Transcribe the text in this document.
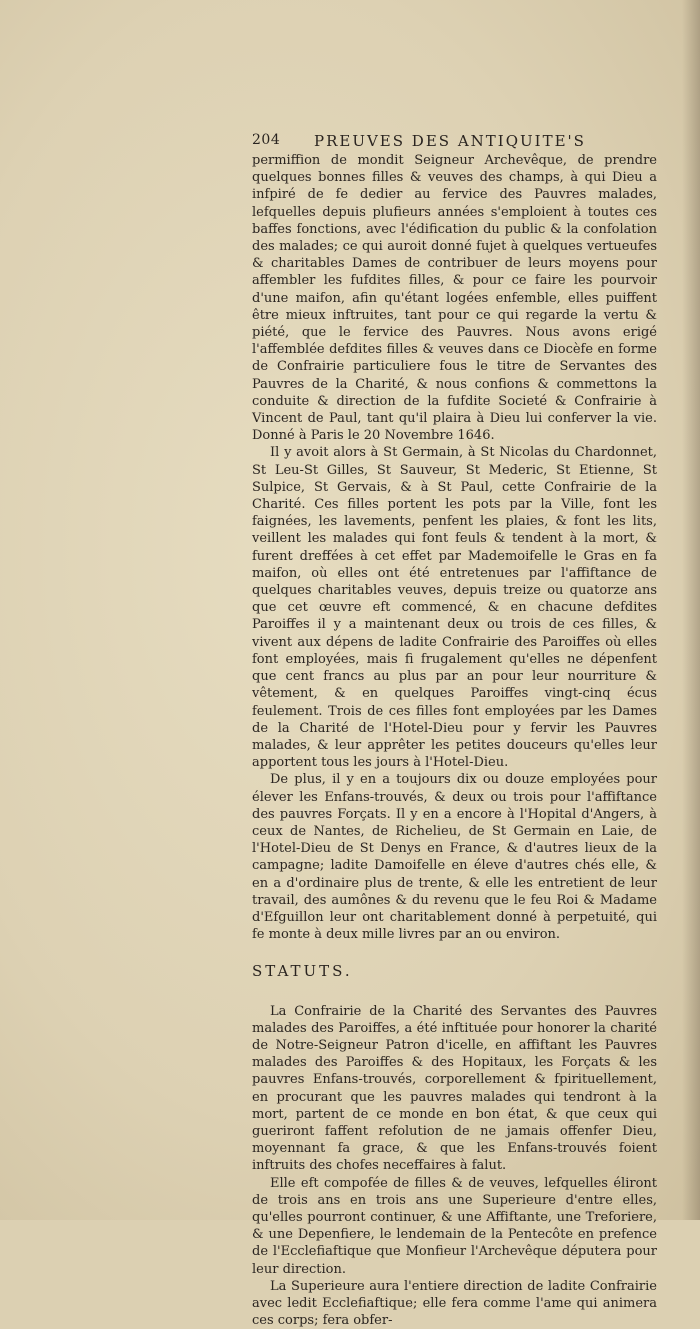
204 PREUVES DES ANTIQUITE'S

permiffion de mondit Seigneur Archevêque, de prendre quelques bonnes filles & veuves des champs, à qui Dieu a infpiré de fe dedier au fervice des Pauvres malades, lefquelles depuis plufieurs années s'emploient à toutes ces baffes fonctions, avec l'édification du public & la confolation des malades; ce qui auroit donné fujet à quelques vertueufes & charitables Dames de contribuer de leurs moyens pour affembler les fufdites filles, & pour ce faire les pourvoir d'une maifon, afin qu'étant logées enfemble, elles puiffent être mieux inftruites, tant pour ce qui regarde la vertu & piété, que le fervice des Pauvres. Nous avons erigé l'affemblée defdites filles & veuves dans ce Diocèfe en forme de Confrairie particuliere fous le titre de Servantes des Pauvres de la Charité, & nous confions & commettons la conduite & direction de la fufdite Societé & Confrairie à Vincent de Paul, tant qu'il plaira à Dieu lui conferver la vie. Donné à Paris le 20 Novembre 1646.

Il y avoit alors à St Germain, à St Nicolas du Chardonnet, St Leu-St Gilles, St Sauveur, St Mederic, St Etienne, St Sulpice, St Gervais, & à St Paul, cette Confrairie de la Charité. Ces filles portent les pots par la Ville, font les faignées, les lavements, penfent les plaies, & font les lits, veillent les malades qui font feuls & tendent à la mort, & furent dreffées à cet effet par Mademoifelle le Gras en fa maifon, où elles ont été entretenues par l'affiftance de quelques charitables veuves, depuis treize ou quatorze ans que cet œuvre eft commencé, & en chacune defdites Paroiffes il y a maintenant deux ou trois de ces filles, & vivent aux dépens de ladite Confrairie des Paroiffes où elles font employées, mais fi frugalement qu'elles ne dépenfent que cent francs au plus par an pour leur nourriture & vêtement, & en quelques Paroiffes vingt-cinq écus feulement. Trois de ces filles font employées par les Dames de la Charité de l'Hotel-Dieu pour y fervir les Pauvres malades, & leur apprêter les petites douceurs qu'elles leur apportent tous les jours à l'Hotel-Dieu.

De plus, il y en a toujours dix ou douze employées pour élever les Enfans-trouvés, & deux ou trois pour l'affiftance des pauvres Forçats. Il y en a encore à l'Hopital d'Angers, à ceux de Nantes, de Richelieu, de St Germain en Laie, de l'Hotel-Dieu de St Denys en France, & d'autres lieux de la campagne; ladite Damoifelle en éleve d'autres chés elle, & en a d'ordinaire plus de trente, & elle les entretient de leur travail, des aumônes & du revenu que le feu Roi & Madame d'Efguillon leur ont charitablement donné à perpetuité, qui fe monte à deux mille livres par an ou environ.

STATUTS.

La Confrairie de la Charité des Servantes des Pauvres malades des Paroiffes, a été inftituée pour honorer la charité de Notre-Seigneur Patron d'icelle, en affiftant les Pauvres malades des Paroiffes & des Hopitaux, les Forçats & les pauvres Enfans-trouvés, corporellement & fpirituellement, en procurant que les pauvres malades qui tendront à la mort, partent de ce monde en bon état, & que ceux qui gueriront faffent refolution de ne jamais offenfer Dieu, moyennant fa grace, & que les Enfans-trouvés foient inftruits des chofes neceffaires à falut.

Elle eft compofée de filles & de veuves, lefquelles éliront de trois ans en trois ans une Superieure d'entre elles, qu'elles pourront continuer, & une Affiftante, une Treforiere, & une Depenfiere, le lendemain de la Pentecôte en prefence de l'Ecclefiaftique que Monfieur l'Archevêque députera pour leur direction.

La Superieure aura l'entiere direction de ladite Confrairie avec ledit Ecclefiaftique; elle fera comme l'ame qui animera ces corps; fera obfer-
